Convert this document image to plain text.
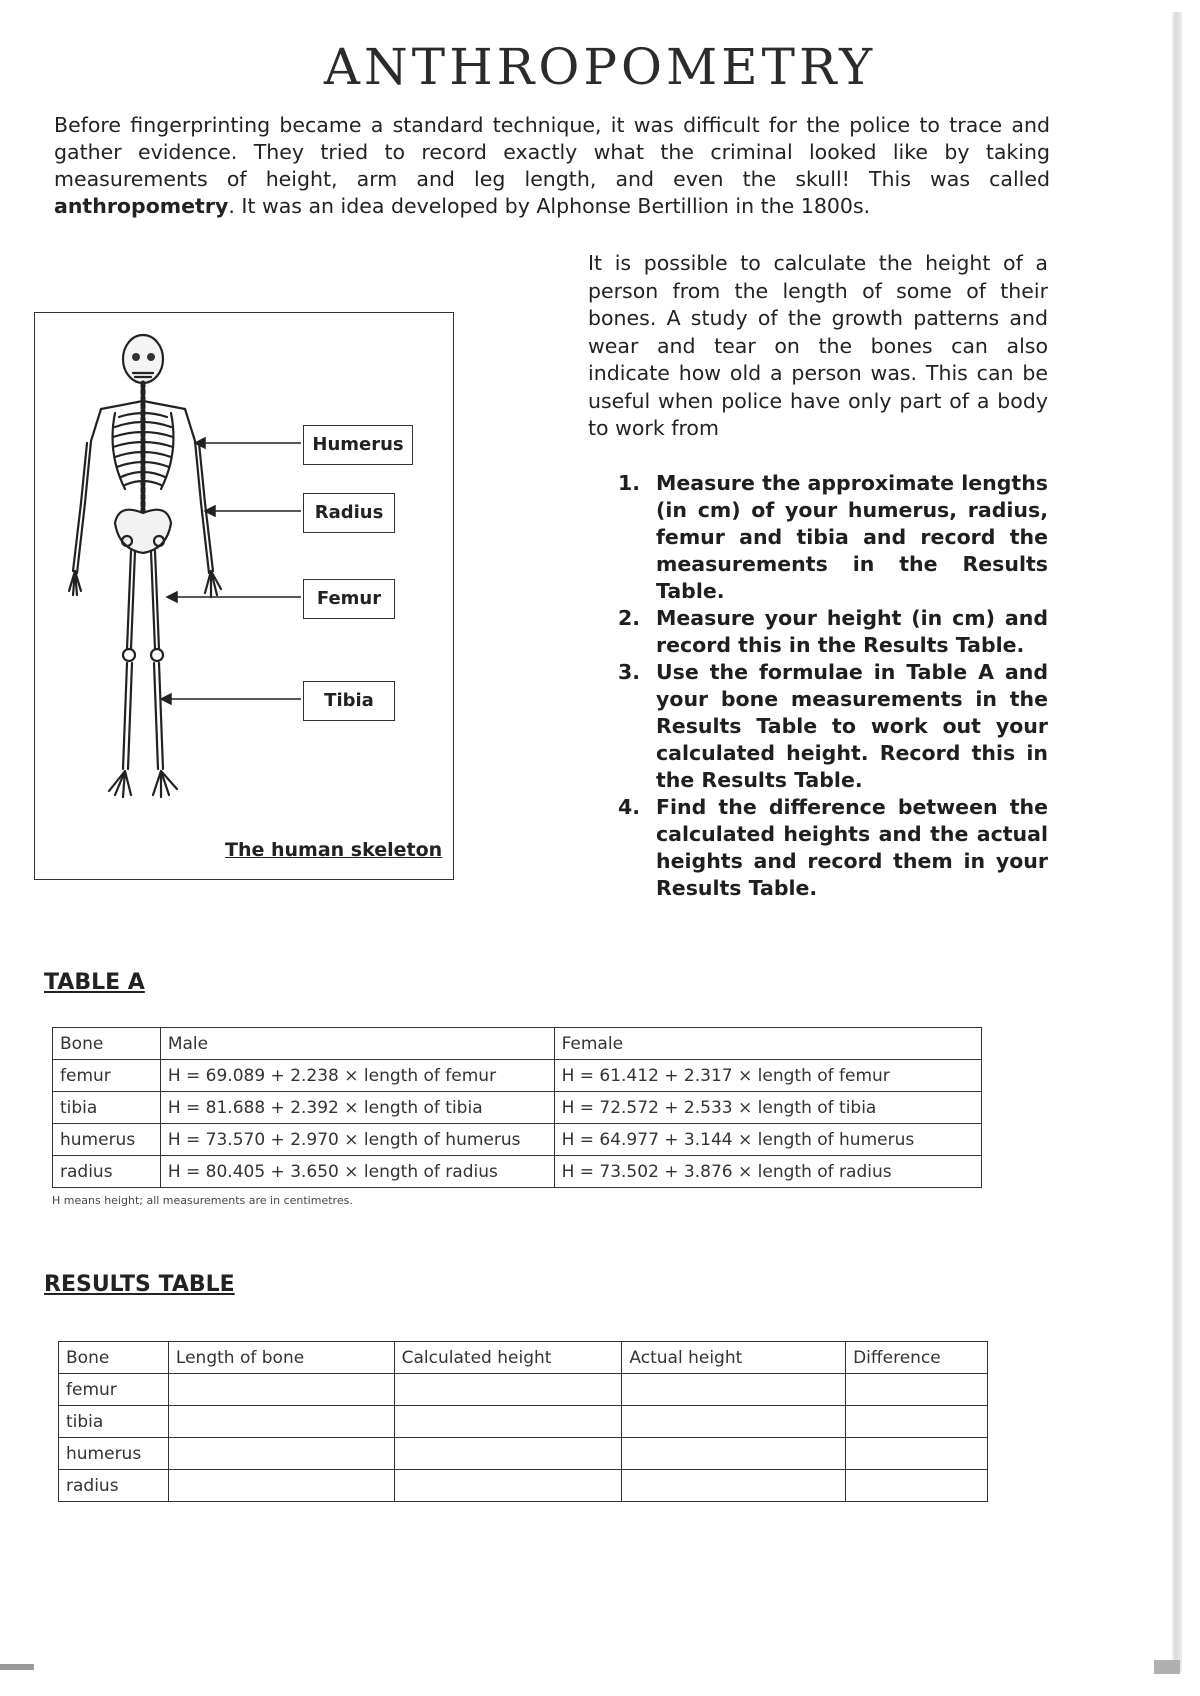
ANTHROPOMETRY
Before fingerprinting became a standard technique, it was difficult for the police to trace and gather evidence. They tried to record exactly what the criminal looked like by taking measurements of height, arm and leg length, and even the skull! This was called anthropometry. It was an idea developed by Alphonse Bertillion in the 1800s.
Humerus
Radius
Femur
Tibia
The human skeleton
It is possible to calculate the height of a person from the length of some of their bones. A study of the growth patterns and wear and tear on the bones can also indicate how old a person was. This can be useful when police have only part of a body to work from
1. Measure the approximate lengths (in cm) of your humerus, radius, femur and tibia and record the measurements in the Results Table.
2. Measure your height (in cm) and record this in the Results Table.
3. Use the formulae in Table A and your bone measurements in the Results Table to work out your calculated height. Record this in the Results Table.
4. Find the difference between the calculated heights and the actual heights and record them in your Results Table.
TABLE A
Bone	Male	Female
femur	H = 69.089 + 2.238 × length of femur	H = 61.412 + 2.317 × length of femur
tibia	H = 81.688 + 2.392 × length of tibia	H = 72.572 + 2.533 × length of tibia
humerus	H = 73.570 + 2.970 × length of humerus	H = 64.977 + 3.144 × length of humerus
radius	H = 80.405 + 3.650 × length of radius	H = 73.502 + 3.876 × length of radius
H means height; all measurements are in centimetres.
RESULTS TABLE
Bone	Length of bone	Calculated height	Actual height	Difference
femur				
tibia				
humerus				
radius				
